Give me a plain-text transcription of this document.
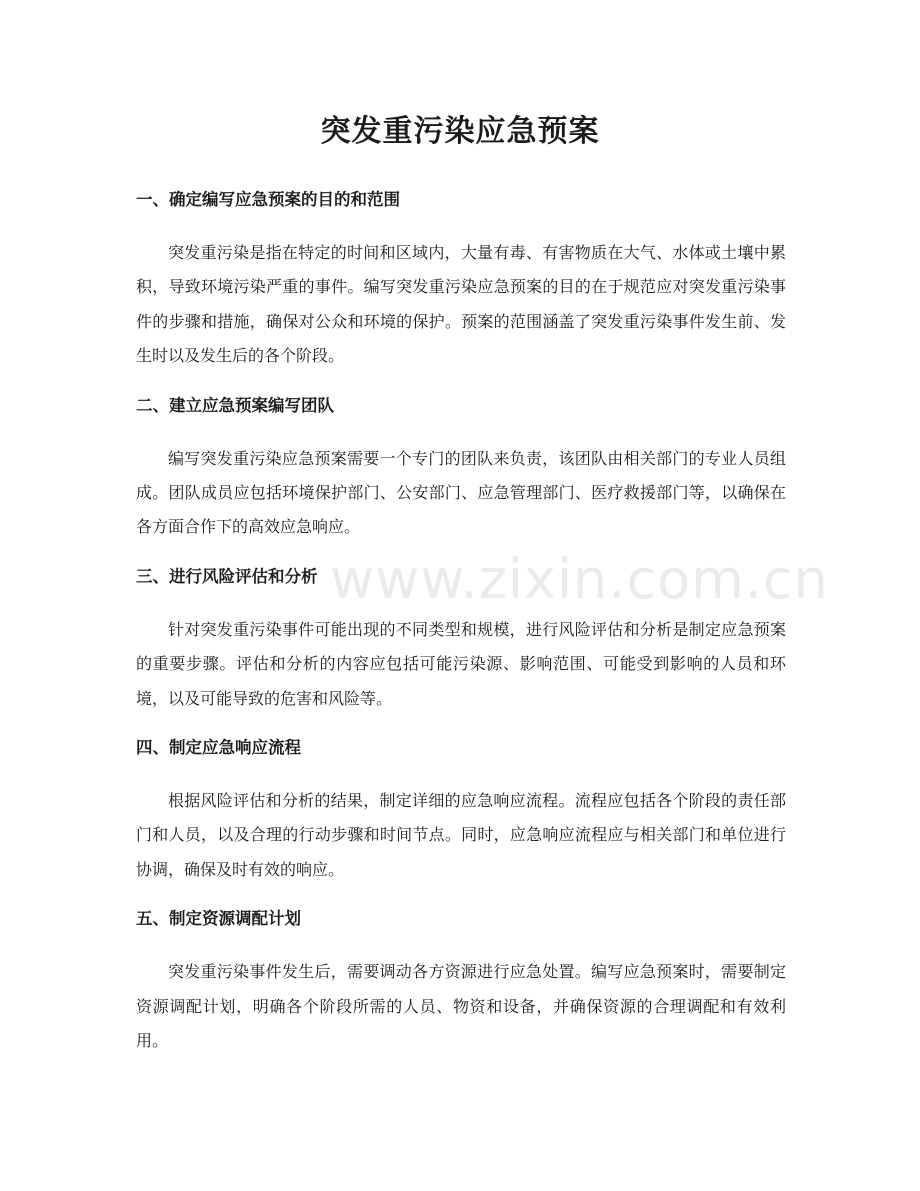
突发重污染应急预案
一、确定编写应急预案的目的和范围

突发重污染是指在特定的时间和区域内，大量有毒、有害物质在大气、水体或土壤中累积，导致环境污染严重的事件。编写突发重污染应急预案的目的在于规范应对突发重污染事件的步骤和措施，确保对公众和环境的保护。预案的范围涵盖了突发重污染事件发生前、发生时以及发生后的各个阶段。

二、建立应急预案编写团队

编写突发重污染应急预案需要一个专门的团队来负责，该团队由相关部门的专业人员组成。团队成员应包括环境保护部门、公安部门、应急管理部门、医疗救援部门等，以确保在各方面合作下的高效应急响应。

三、进行风险评估和分析

针对突发重污染事件可能出现的不同类型和规模，进行风险评估和分析是制定应急预案的重要步骤。评估和分析的内容应包括可能污染源、影响范围、可能受到影响的人员和环境，以及可能导致的危害和风险等。

四、制定应急响应流程

根据风险评估和分析的结果，制定详细的应急响应流程。流程应包括各个阶段的责任部门和人员，以及合理的行动步骤和时间节点。同时，应急响应流程应与相关部门和单位进行协调，确保及时有效的响应。

五、制定资源调配计划

突发重污染事件发生后，需要调动各方资源进行应急处置。编写应急预案时，需要制定资源调配计划，明确各个阶段所需的人员、物资和设备，并确保资源的合理调配和有效利用。

www.zixin.com.cn
